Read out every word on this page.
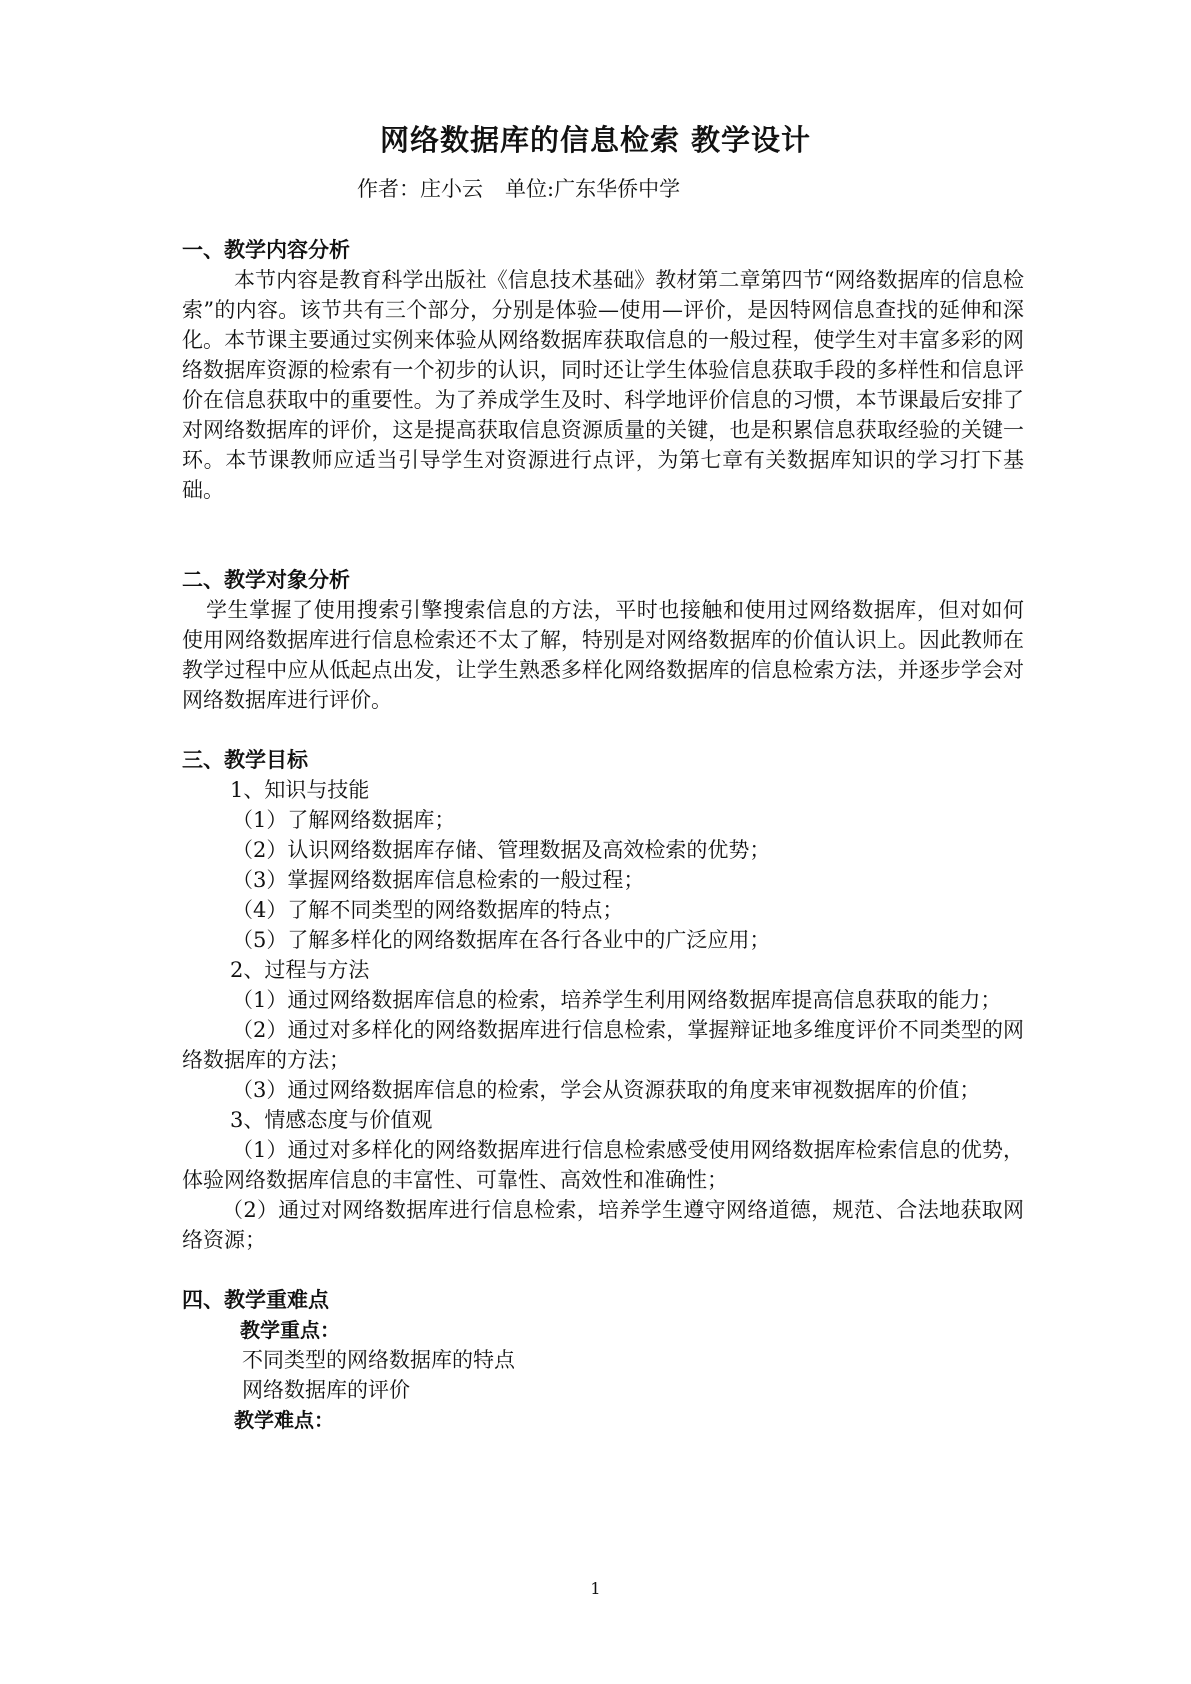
网络数据库的信息检索 教学设计
作者：庄小云 单位:广东华侨中学

一、教学内容分析

本节内容是教育科学出版社《信息技术基础》教材第二章第四节“网络数据库的信息检索”的内容。该节共有三个部分，分别是体验—使用—评价，是因特网信息查找的延伸和深化。本节课主要通过实例来体验从网络数据库获取信息的一般过程，使学生对丰富多彩的网络数据库资源的检索有一个初步的认识，同时还让学生体验信息获取手段的多样性和信息评价在信息获取中的重要性。为了养成学生及时、科学地评价信息的习惯，本节课最后安排了对网络数据库的评价，这是提高获取信息资源质量的关键，也是积累信息获取经验的关键一环。本节课教师应适当引导学生对资源进行点评，为第七章有关数据库知识的学习打下基础。

二、教学对象分析

学生掌握了使用搜索引擎搜索信息的方法，平时也接触和使用过网络数据库，但对如何使用网络数据库进行信息检索还不太了解，特别是对网络数据库的价值认识上。因此教师在教学过程中应从低起点出发，让学生熟悉多样化网络数据库的信息检索方法，并逐步学会对网络数据库进行评价。

三、教学目标

1、知识与技能

（1）了解网络数据库；

（2）认识网络数据库存储、管理数据及高效检索的优势；

（3）掌握网络数据库信息检索的一般过程；

（4）了解不同类型的网络数据库的特点；

（5）了解多样化的网络数据库在各行各业中的广泛应用；

2、过程与方法

（1）通过网络数据库信息的检索，培养学生利用网络数据库提高信息获取的能力；

（2）通过对多样化的网络数据库进行信息检索，掌握辩证地多维度评价不同类型的网络数据库的方法；

（3）通过网络数据库信息的检索，学会从资源获取的角度来审视数据库的价值；

3、情感态度与价值观

（1）通过对多样化的网络数据库进行信息检索感受使用网络数据库检索信息的优势，体验网络数据库信息的丰富性、可靠性、高效性和准确性；

（2）通过对网络数据库进行信息检索，培养学生遵守网络道德，规范、合法地获取网络资源；

四、教学重难点

教学重点：

不同类型的网络数据库的特点

网络数据库的评价

教学难点：

1
